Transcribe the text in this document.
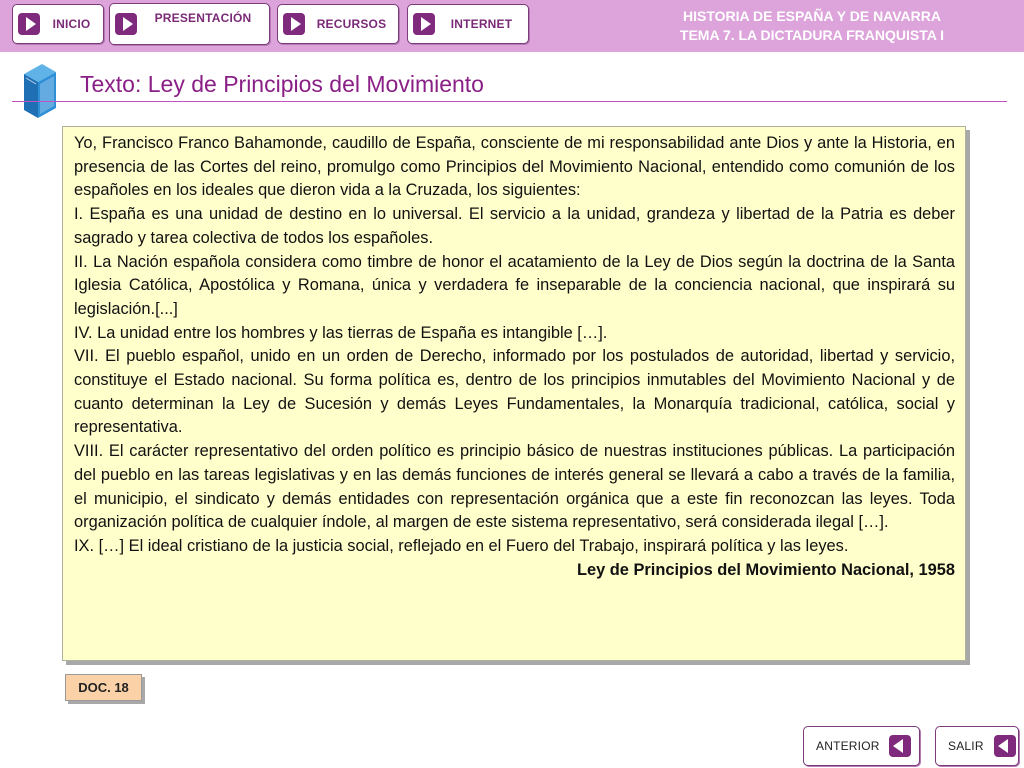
INICIO	PRESENTACIÓN	RECURSOS	INTERNET	HISTORIA DE ESPAÑA Y DE NAVARRA
TEMA 7. LA DICTADURA FRANQUISTA I
Texto: Ley de Principios del Movimiento

Yo, Francisco Franco Bahamonde, caudillo de España, consciente de mi responsabilidad ante Dios y ante la Historia, en presencia de las Cortes del reino, promulgo como Principios del Movimiento Nacional, entendido como comunión de los españoles en los ideales que dieron vida a la Cruzada, los siguientes:

I. España es una unidad de destino en lo universal. El servicio a la unidad, grandeza y libertad de la Patria es deber sagrado y tarea colectiva de todos los españoles.

II. La Nación española considera como timbre de honor el acatamiento de la Ley de Dios según la doctrina de la Santa Iglesia Católica, Apostólica y Romana, única y verdadera fe inseparable de la conciencia nacional, que inspirará su legislación.[...]

IV. La unidad entre los hombres y las tierras de España es intangible […].

VII. El pueblo español, unido en un orden de Derecho, informado por los postulados de autoridad, libertad y servicio, constituye el Estado nacional. Su forma política es, dentro de los principios inmutables del Movimiento Nacional y de cuanto determinan la Ley de Sucesión y demás Leyes Fundamentales, la Monarquía tradicional, católica, social y representativa.

VIII. El carácter representativo del orden político es principio básico de nuestras instituciones públicas. La participación del pueblo en las tareas legislativas y en las demás funciones de interés general se llevará a cabo a través de la familia, el municipio, el sindicato y demás entidades con representación orgánica que a este fin reconozcan las leyes. Toda organización política de cualquier índole, al margen de este sistema representativo, será considerada ilegal […].

IX. […] El ideal cristiano de la justicia social, reflejado en el Fuero del Trabajo, inspirará política y las leyes.

Ley de Principios del Movimiento Nacional, 1958

DOC. 18
ANTERIOR	SALIR
